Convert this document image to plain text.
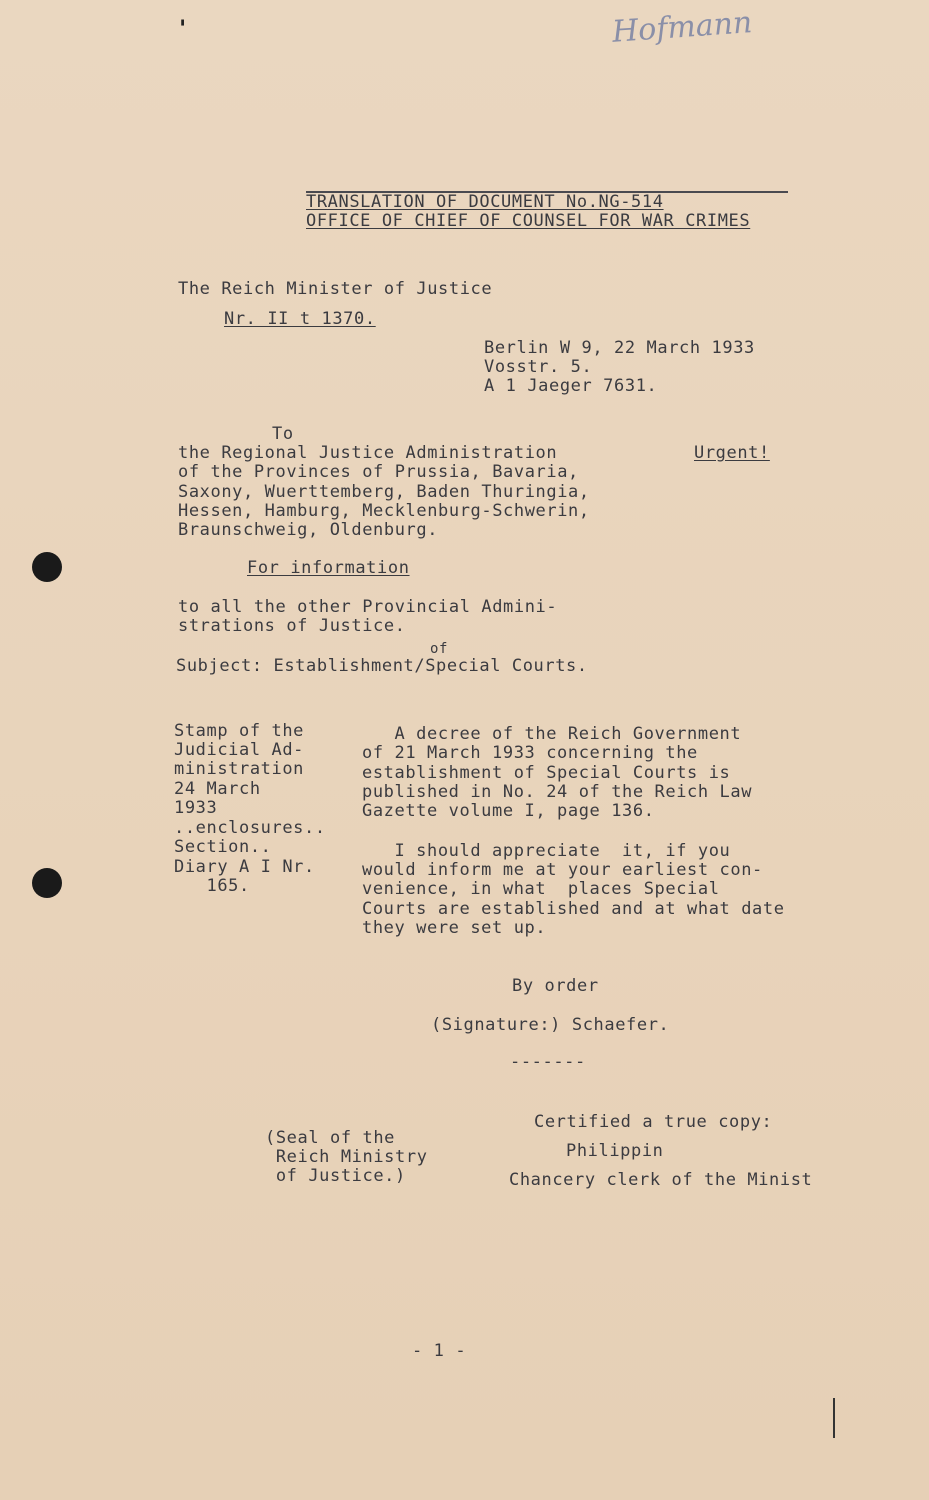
'	Hofmann
TRANSLATION OF DOCUMENT No.NG-514
OFFICE OF CHIEF OF COUNSEL FOR WAR CRIMES
The Reich Minister of Justice
Nr. II t 1370.
Berlin W 9, 22 March 1933
Vosstr. 5.
A 1 Jaeger 7631.
To
the Regional Justice Administration
of the Provinces of Prussia, Bavaria,
Saxony, Wuerttemberg, Baden Thuringia,
Hessen, Hamburg, Mecklenburg-Schwerin,
Braunschweig, Oldenburg.
Urgent!
For information
to all the other Provincial Admini-
strations of Justice.
of
Subject: Establishment/Special Courts.
Stamp of the
Judicial Ad-
ministration
24 March
1933
..enclosures..
Section..
Diary A I Nr.
165.
A decree of the Reich Government
of 21 March 1933 concerning the
establishment of Special Courts is
published in No. 24 of the Reich Law
Gazette volume I, page 136.
I should appreciate  it, if you
would inform me at your earliest con-
venience, in what  places Special
Courts are established and at what date
they were set up.
By order
(Signature:) Schaefer.
-------
(Seal of the
Reich Ministry
of Justice.)
Certified a true copy:
Philippin
Chancery clerk of the Minist
- 1 -
